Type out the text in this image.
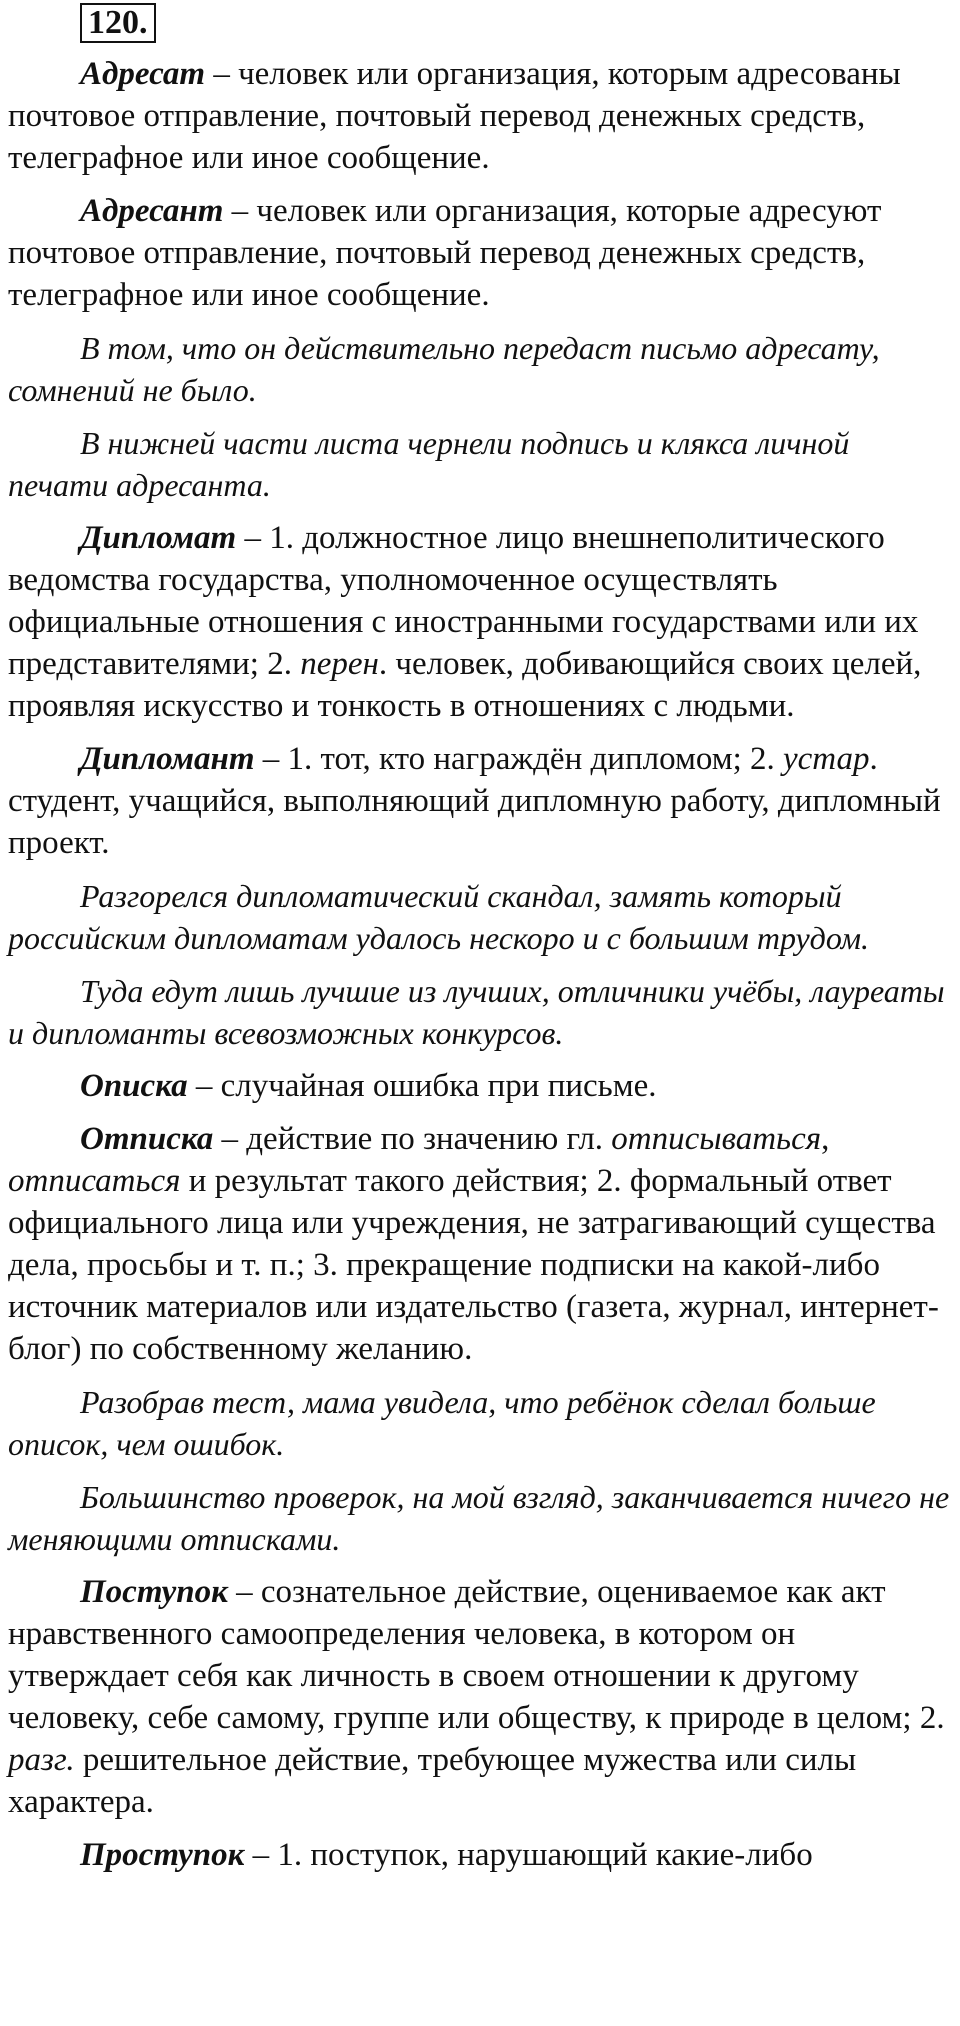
120.

Адресат – человек или организация, которым адресованы почтовое отправление, почтовый перевод денежных средств, телеграфное или иное сообщение.

Адресант – человек или организация, которые адресуют почтовое отправление, почтовый перевод денежных средств, телеграфное или иное сообщение.

В том, что он действительно передаст письмо адресату, сомнений не было.

В нижней части листа чернели подпись и клякса личной печати адресанта.

Дипломат – 1. должностное лицо внешнеполитического ведомства государства, уполномоченное осуществлять официальные отношения с иностранными государствами или их представителями; 2. перен. человек, добивающийся своих целей, проявляя искусство и тонкость в отношениях с людьми.

Дипломант – 1. тот, кто награждён дипломом; 2. устар. студент, учащийся, выполняющий дипломную работу, дипломный проект.

Разгорелся дипломатический скандал, замять который российским дипломатам удалось нескоро и с большим трудом.

Туда едут лишь лучшие из лучших, отличники учёбы, лауреаты и дипломанты всевозможных конкурсов.

Описка – случайная ошибка при письме.

Отписка – действие по значению гл. отписываться, отписаться и результат такого действия; 2. формальный ответ официального лица или учреждения, не затрагивающий существа дела, просьбы и т. п.; 3. прекращение подписки на какой-либо источник материалов или издательство (газета, журнал, интернет-блог) по собственному желанию.

Разобрав тест, мама увидела, что ребёнок сделал больше описок, чем ошибок.

Большинство проверок, на мой взгляд, заканчивается ничего не меняющими отписками.

Поступок – сознательное действие, оцениваемое как акт нравственного самоопределения человека, в котором он утверждает себя как личность в своем отношении к другому человеку, себе самому, группе или обществу, к природе в целом; 2. разг. решительное действие, требующее мужества или силы характера.

Проступок – 1. поступок, нарушающий какие-либо
